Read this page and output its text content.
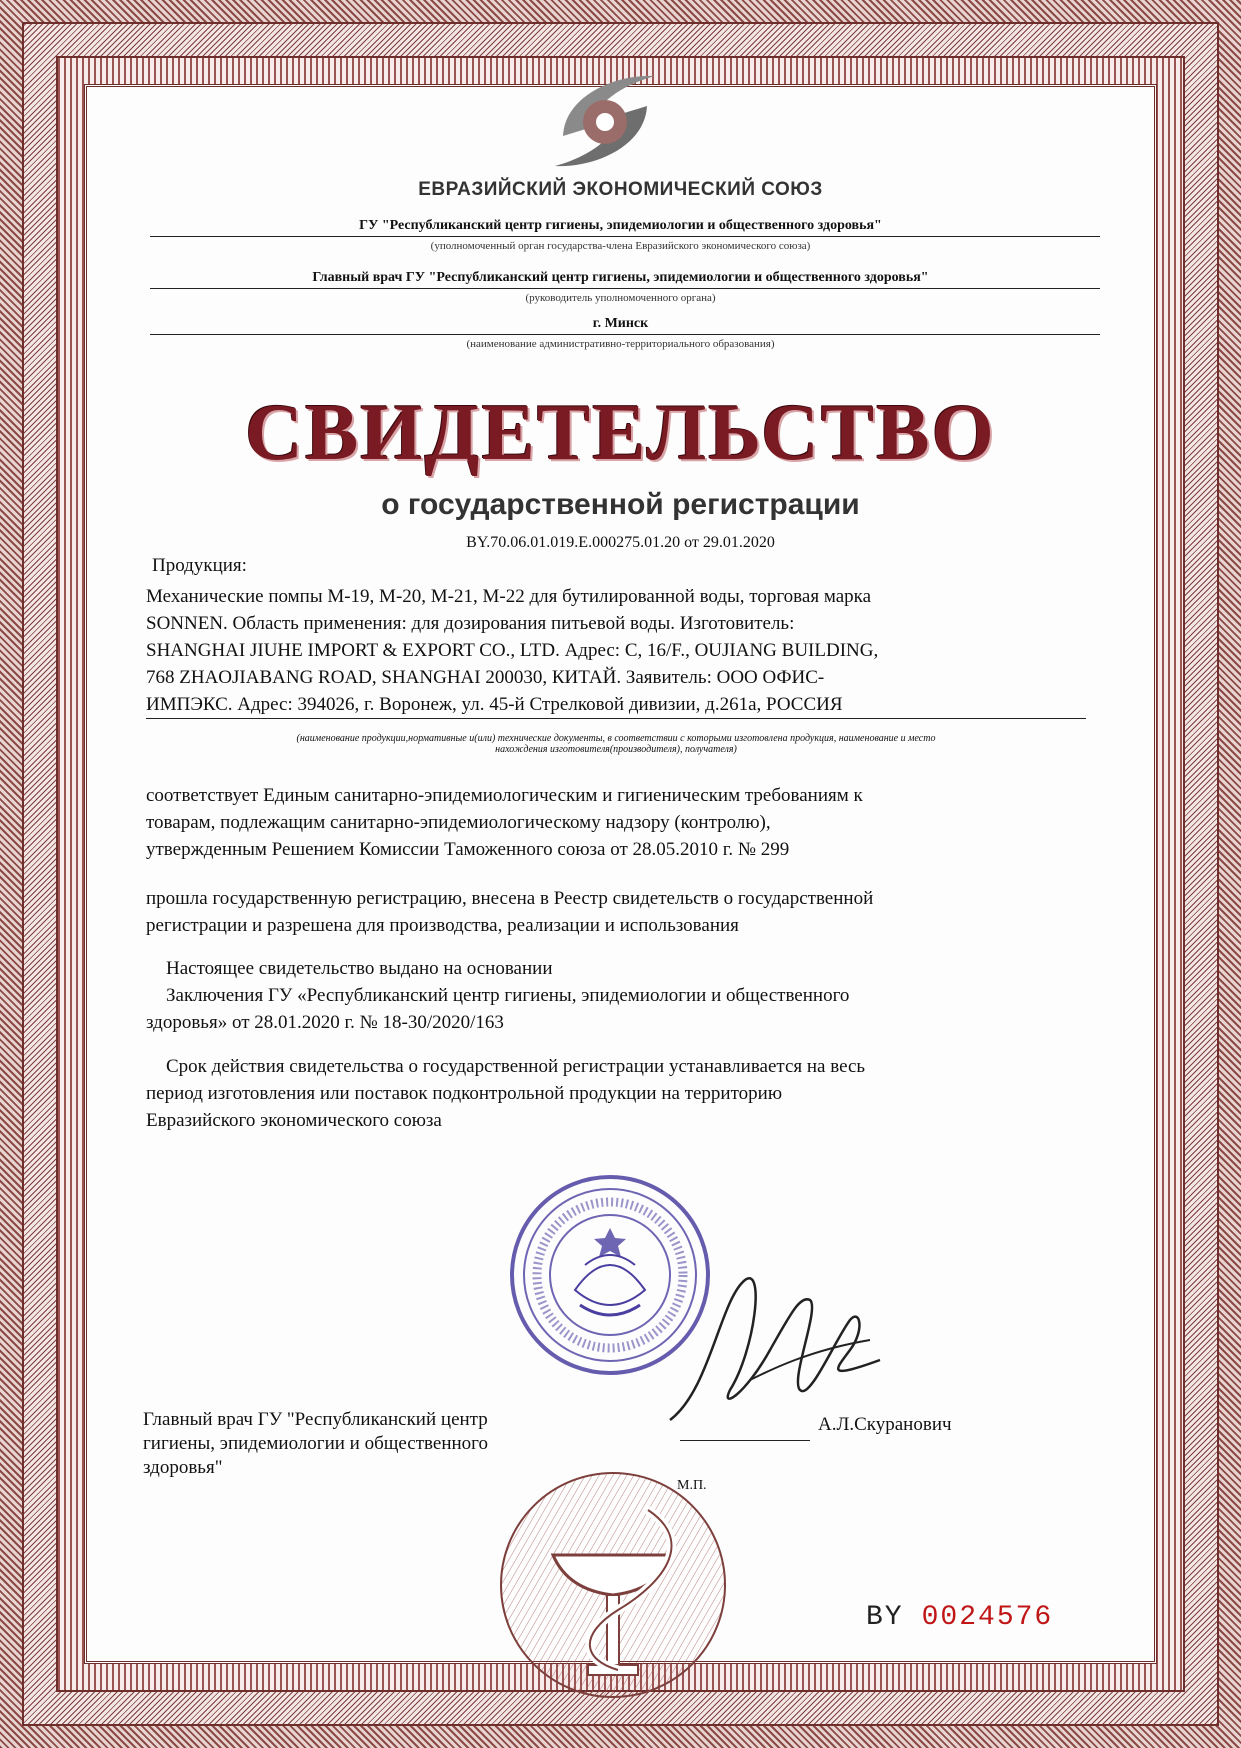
ЕВРАЗИЙСКИЙ ЭКОНОМИЧЕСКИЙ СОЮЗ
ГУ "Республиканский центр гигиены, эпидемиологии и общественного здоровья"
(уполномоченный орган государства-члена Евразийского экономического союза)
Главный врач ГУ "Республиканский центр гигиены, эпидемиологии и общественного здоровья"
(руководитель уполномоченного органа)
г. Минск
(наименование административно-территориального образования)
СВИДЕТЕЛЬСТВО
о государственной регистрации
BY.70.06.01.019.Е.000275.01.20 от 29.01.2020
Продукция:
Механические помпы М-19, М-20, М-21, М-22 для бутилированной воды, торговая марка
SONNEN. Область применения: для дозирования питьевой воды. Изготовитель:
SHANGHAI JIUHE IMPORT & EXPORT CO., LTD. Адрес: C, 16/F., OUJIANG BUILDING,
768 ZHAOJIABANG ROAD, SHANGHAI 200030, КИТАЙ. Заявитель: ООО ОФИС-
ИМПЭКС. Адрес: 394026, г. Воронеж, ул. 45-й Стрелковой дивизии, д.261а, РОССИЯ
(наименование продукции,нормативные и(или) технические документы, в соответствии с которыми изготовлена продукция, наименование и место
нахождения изготовителя(производителя), получателя)
соответствует Единым санитарно-эпидемиологическим и гигиеническим требованиям к
товарам, подлежащим санитарно-эпидемиологическому надзору (контролю),
утвержденным Решением Комиссии Таможенного союза от 28.05.2010 г. № 299
прошла государственную регистрацию, внесена в Реестр свидетельств о государственной
регистрации и разрешена для производства, реализации и использования
Настоящее свидетельство выдано на основании
Заключения ГУ «Республиканский центр гигиены, эпидемиологии и общественного
здоровья» от 28.01.2020 г. № 18-30/2020/163
Срок действия свидетельства о государственной регистрации устанавливается на весь
период изготовления или поставок подконтрольной продукции на территорию
Евразийского экономического союза
Главный врач ГУ "Республиканский центр
гигиены, эпидемиологии и общественного
здоровья"
А.Л.Скуранович
М.П.
BY 0024576
